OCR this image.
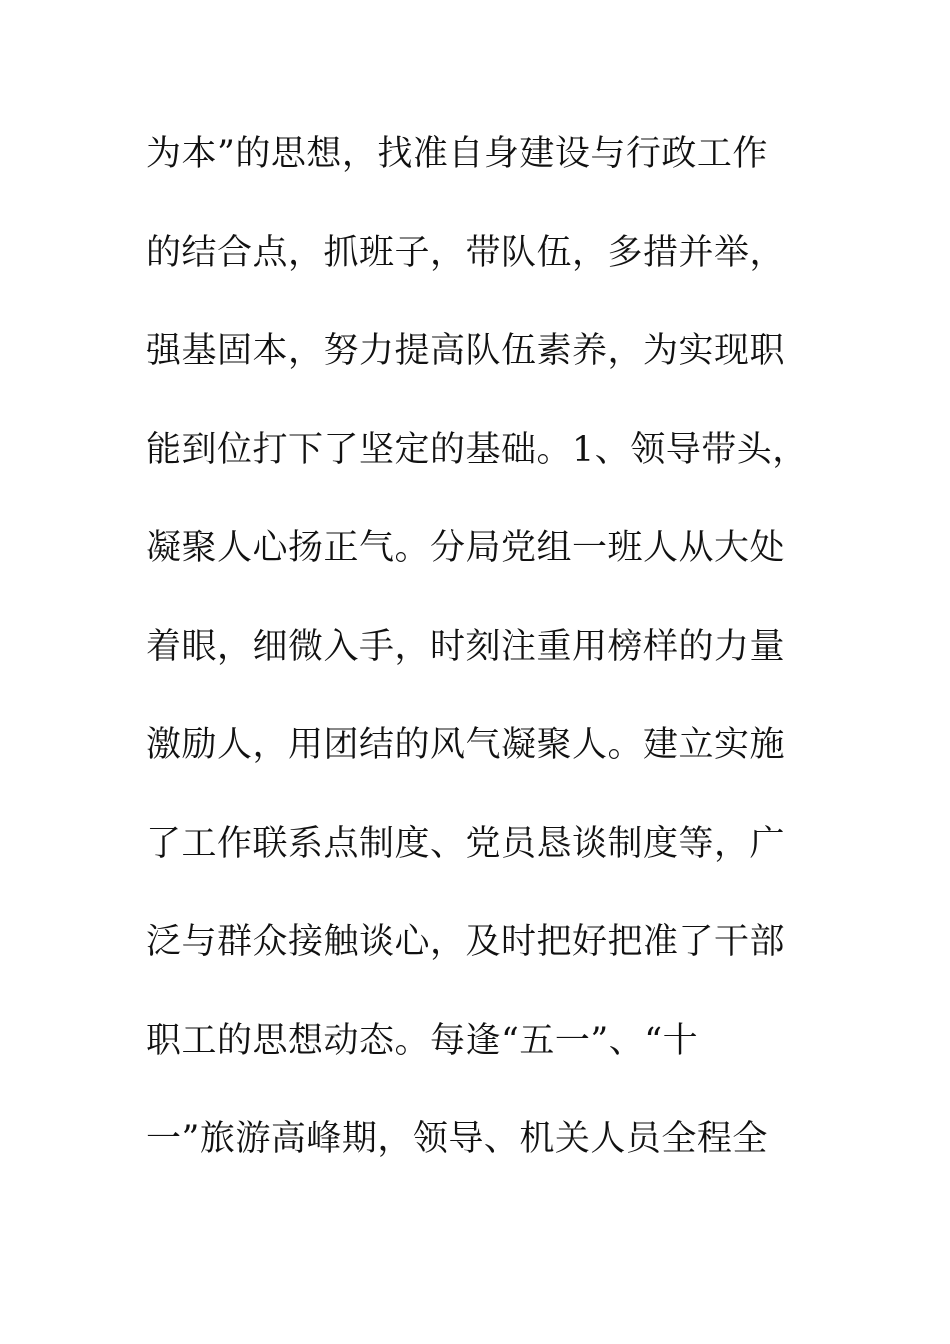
为本”的思想，找准自身建设与行政工作
的结合点，抓班子，带队伍，多措并举，
强基固本，努力提高队伍素养，为实现职
能到位打下了坚定的基础。1、领导带头，
凝聚人心扬正气。分局党组一班人从大处
着眼，细微入手，时刻注重用榜样的力量
激励人，用团结的风气凝聚人。建立实施
了工作联系点制度、党员恳谈制度等，广
泛与群众接触谈心，及时把好把准了干部
职工的思想动态。每逢“五一”、“十
一”旅游高峰期，领导、机关人员全程全
